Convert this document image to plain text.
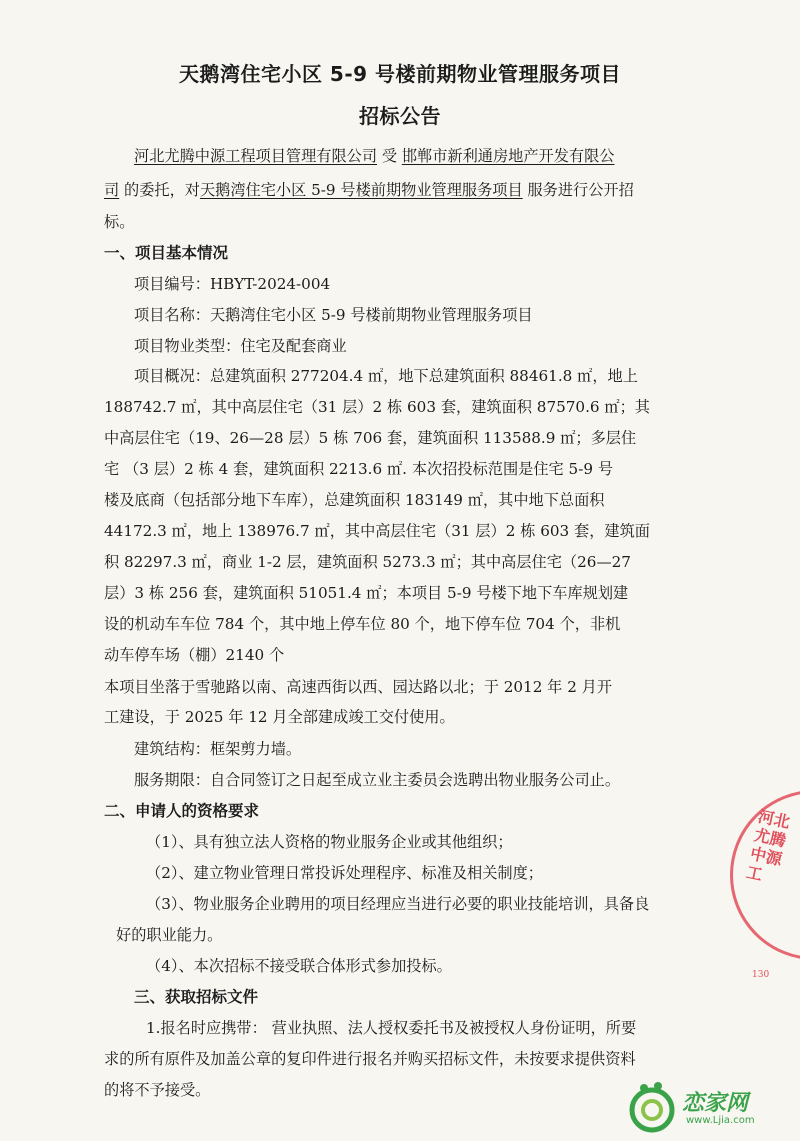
天鹅湾住宅小区 5-9 号楼前期物业管理服务项目
招标公告
河北尤腾中源工程项目管理有限公司 受 邯郸市新利通房地产开发有限公
司 的委托，对天鹅湾住宅小区 5-9 号楼前期物业管理服务项目 服务进行公开招
标。
一、项目基本情况
项目编号：HBYT-2024-004
项目名称：天鹅湾住宅小区 5-9 号楼前期物业管理服务项目
项目物业类型：住宅及配套商业
项目概况：总建筑面积 277204.4 ㎡，地下总建筑面积 88461.8 ㎡，地上
188742.7 ㎡，其中高层住宅（31 层）2 栋 603 套，建筑面积 87570.6 ㎡；其
中高层住宅（19、26—28 层）5 栋 706 套，建筑面积 113588.9 ㎡；多层住
宅 （3 层）2 栋 4 套，建筑面积 2213.6 ㎡. 本次招投标范围是住宅 5-9 号
楼及底商（包括部分地下车库），总建筑面积 183149 ㎡，其中地下总面积
44172.3 ㎡，地上 138976.7 ㎡，其中高层住宅（31 层）2 栋 603 套，建筑面
积 82297.3 ㎡，商业 1-2 层，建筑面积 5273.3 ㎡；其中高层住宅（26—27
层）3 栋 256 套，建筑面积 51051.4 ㎡；本项目 5-9 号楼下地下车库规划建
设的机动车车位 784 个，其中地上停车位 80 个，地下停车位 704 个，非机
动车停车场（棚）2140 个
本项目坐落于雪驰路以南、高速西街以西、园达路以北；于 2012 年 2 月开
工建设，于 2025 年 12 月全部建成竣工交付使用。
建筑结构：框架剪力墙。
服务期限：自合同签订之日起至成立业主委员会选聘出物业服务公司止。
二、申请人的资格要求
（1）、具有独立法人资格的物业服务企业或其他组织；
（2）、建立物业管理日常投诉处理程序、标准及相关制度；
（3）、物业服务企业聘用的项目经理应当进行必要的职业技能培训，具备良
好的职业能力。
（4）、本次招标不接受联合体形式参加投标。
三、获取招标文件
1.报名时应携带： 营业执照、法人授权委托书及被授权人身份证明，所要
求的所有原件及加盖公章的复印件进行报名并购买招标文件，未按要求提供资料
的将不予接受。
河北尤腾中源工
130
恋家网
www.Ljia.com
